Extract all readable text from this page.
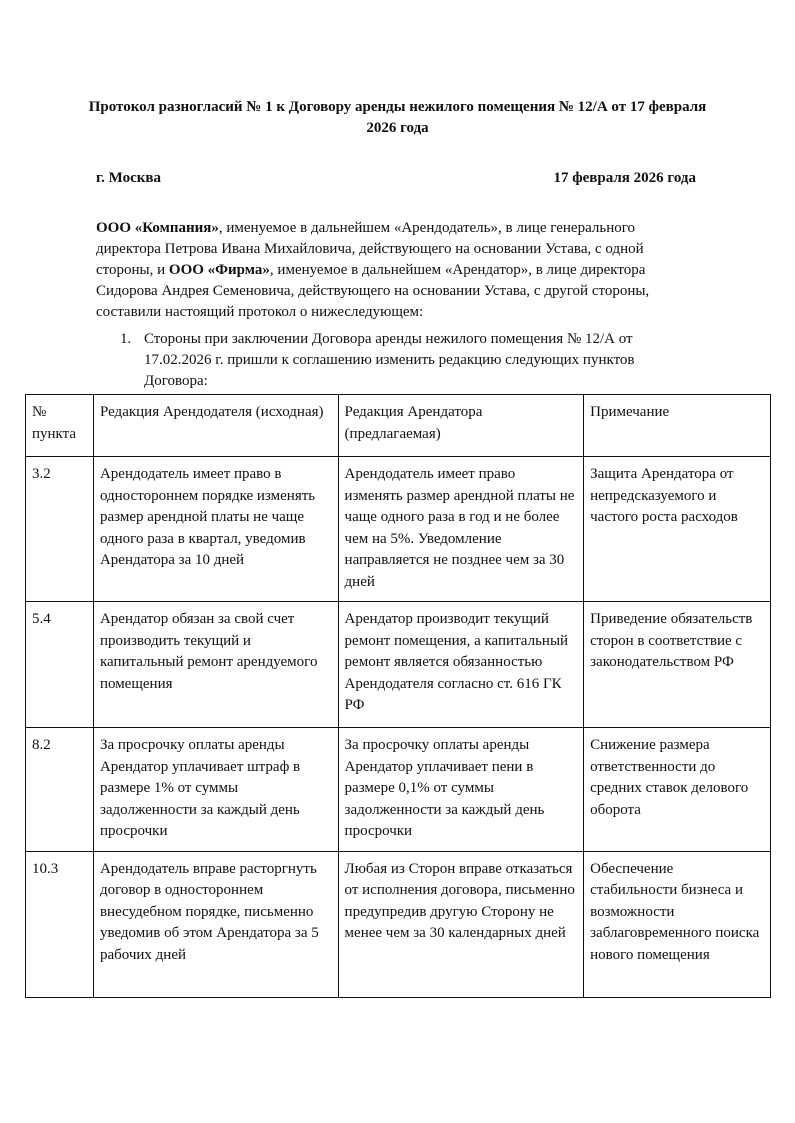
Протокол разногласий № 1 к Договору аренды нежилого помещения № 12/А от 17 февраля 2026 года
г. Москва	17 февраля 2026 года
ООО «Компания», именуемое в дальнейшем «Арендодатель», в лице генерального директора Петрова Ивана Михайловича, действующего на основании Устава, с одной стороны, и ООО «Фирма», именуемое в дальнейшем «Арендатор», в лице директора Сидорова Андрея Семеновича, действующего на основании Устава, с другой стороны, составили настоящий протокол о нижеследующем:
1. Стороны при заключении Договора аренды нежилого помещения № 12/А от 17.02.2026 г. пришли к соглашению изменить редакцию следующих пунктов Договора:
№ пункта	Редакция Арендодателя (исходная)	Редакция Арендатора (предлагаемая)	Примечание
3.2	Арендодатель имеет право в одностороннем порядке изменять размер арендной платы не чаще одного раза в квартал, уведомив Арендатора за 10 дней	Арендодатель имеет право изменять размер арендной платы не чаще одного раза в год и не более чем на 5%. Уведомление направляется не позднее чем за 30 дней	Защита Арендатора от непредсказуемого и частого роста расходов
5.4	Арендатор обязан за свой счет производить текущий и капитальный ремонт арендуемого помещения	Арендатор производит текущий ремонт помещения, а капитальный ремонт является обязанностью Арендодателя согласно ст. 616 ГК РФ	Приведение обязательств сторон в соответствие с законодательством РФ
8.2	За просрочку оплаты аренды Арендатор уплачивает штраф в размере 1% от суммы задолженности за каждый день просрочки	За просрочку оплаты аренды Арендатор уплачивает пени в размере 0,1% от суммы задолженности за каждый день просрочки	Снижение размера ответственности до средних ставок делового оборота
10.3	Арендодатель вправе расторгнуть договор в одностороннем внесудебном порядке, письменно уведомив об этом Арендатора за 5 рабочих дней	Любая из Сторон вправе отказаться от исполнения договора, письменно предупредив другую Сторону не менее чем за 30 календарных дней	Обеспечение стабильности бизнеса и возможности заблаговременного поиска нового помещения
